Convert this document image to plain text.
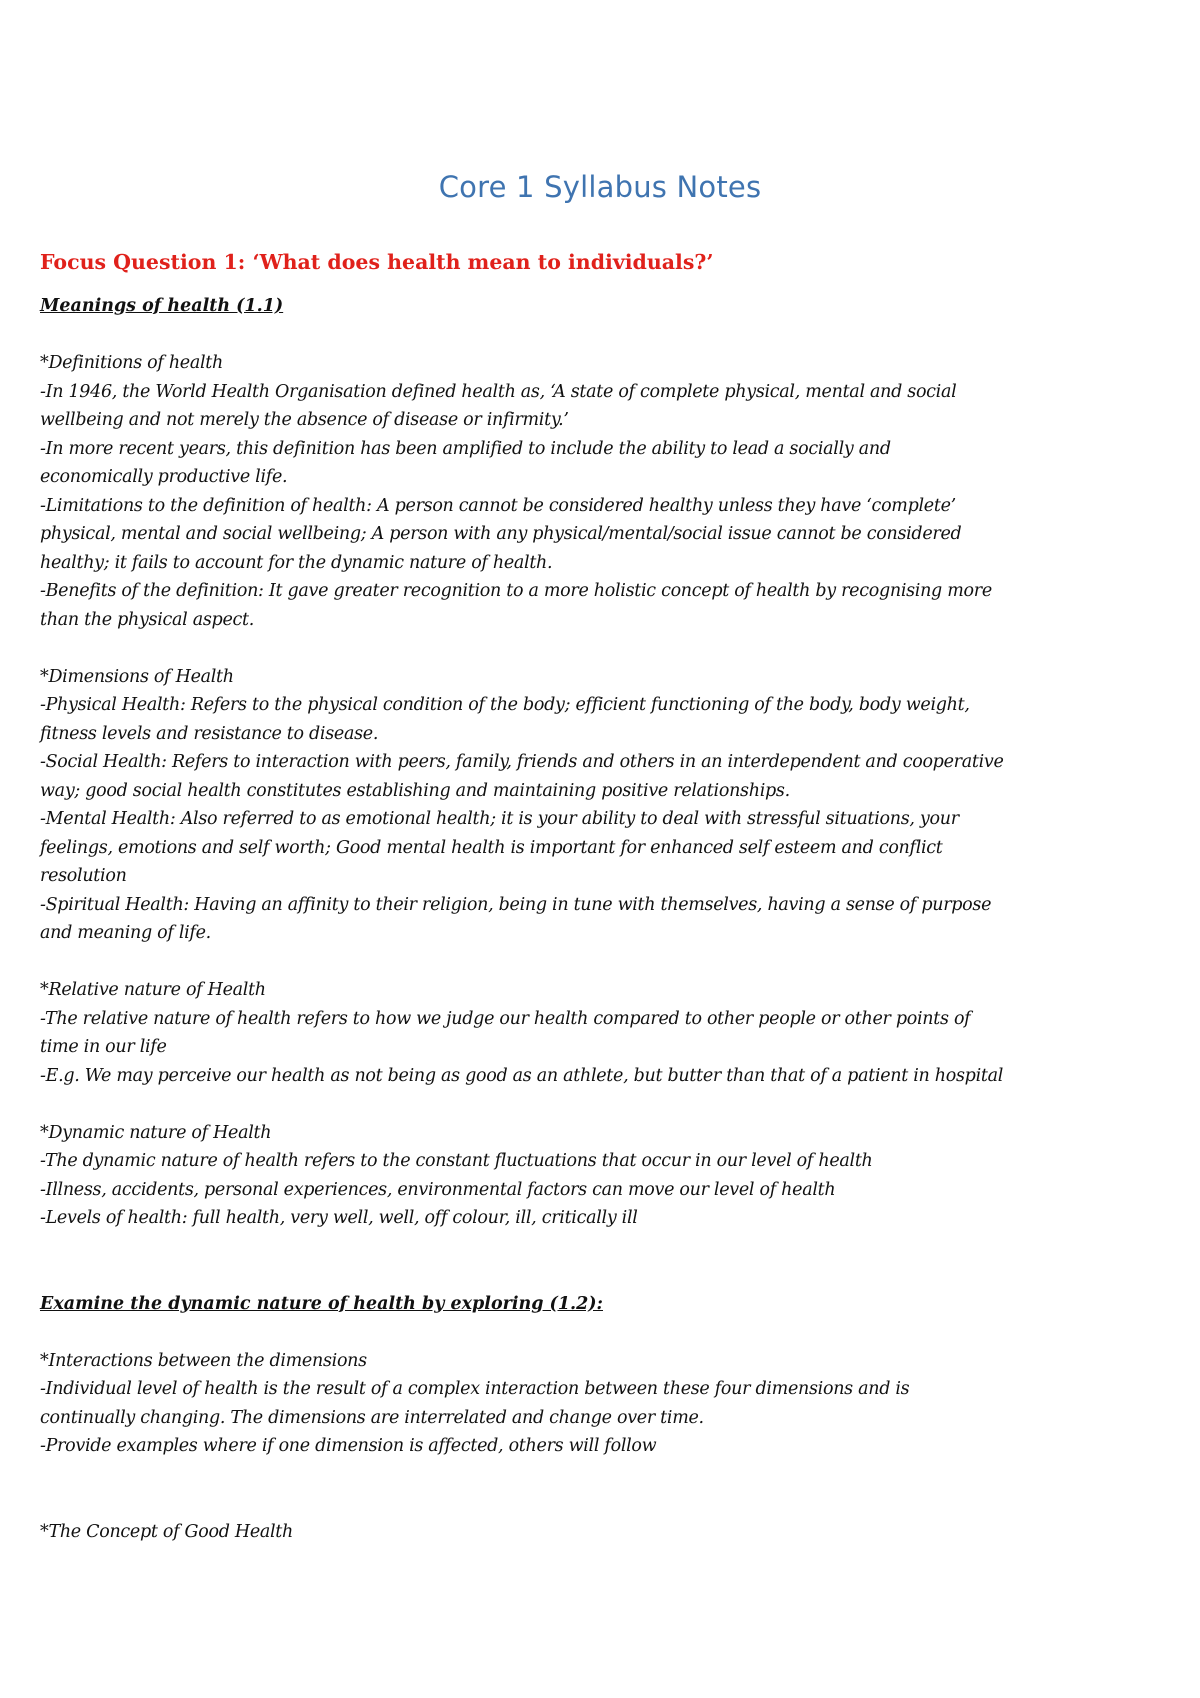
Core 1 Syllabus Notes
Focus Question 1: ‘What does health mean to individuals?’
Meanings of health (1.1)
*Definitions of health
-In 1946, the World Health Organisation defined health as, ‘A state of complete physical, mental and social
wellbeing and not merely the absence of disease or infirmity.’
-In more recent years, this definition has been amplified to include the ability to lead a socially and
economically productive life.
-Limitations to the definition of health: A person cannot be considered healthy unless they have ‘complete’
physical, mental and social wellbeing; A person with any physical/mental/social issue cannot be considered
healthy; it fails to account for the dynamic nature of health.
-Benefits of the definition: It gave greater recognition to a more holistic concept of health by recognising more
than the physical aspect.
*Dimensions of Health
-Physical Health: Refers to the physical condition of the body; efficient functioning of the body, body weight,
fitness levels and resistance to disease.
-Social Health: Refers to interaction with peers, family, friends and others in an interdependent and cooperative
way; good social health constitutes establishing and maintaining positive relationships.
-Mental Health: Also referred to as emotional health; it is your ability to deal with stressful situations, your
feelings, emotions and self worth; Good mental health is important for enhanced self esteem and conflict
resolution
-Spiritual Health: Having an affinity to their religion, being in tune with themselves, having a sense of purpose
and meaning of life.
*Relative nature of Health
-The relative nature of health refers to how we judge our health compared to other people or other points of
time in our life
-E.g. We may perceive our health as not being as good as an athlete, but butter than that of a patient in hospital
*Dynamic nature of Health
-The dynamic nature of health refers to the constant fluctuations that occur in our level of health
-Illness, accidents, personal experiences, environmental factors can move our level of health
-Levels of health: full health, very well, well, off colour, ill, critically ill
Examine the dynamic nature of health by exploring (1.2):
*Interactions between the dimensions
-Individual level of health is the result of a complex interaction between these four dimensions and is
continually changing. The dimensions are interrelated and change over time.
-Provide examples where if one dimension is affected, others will follow
*The Concept of Good Health
